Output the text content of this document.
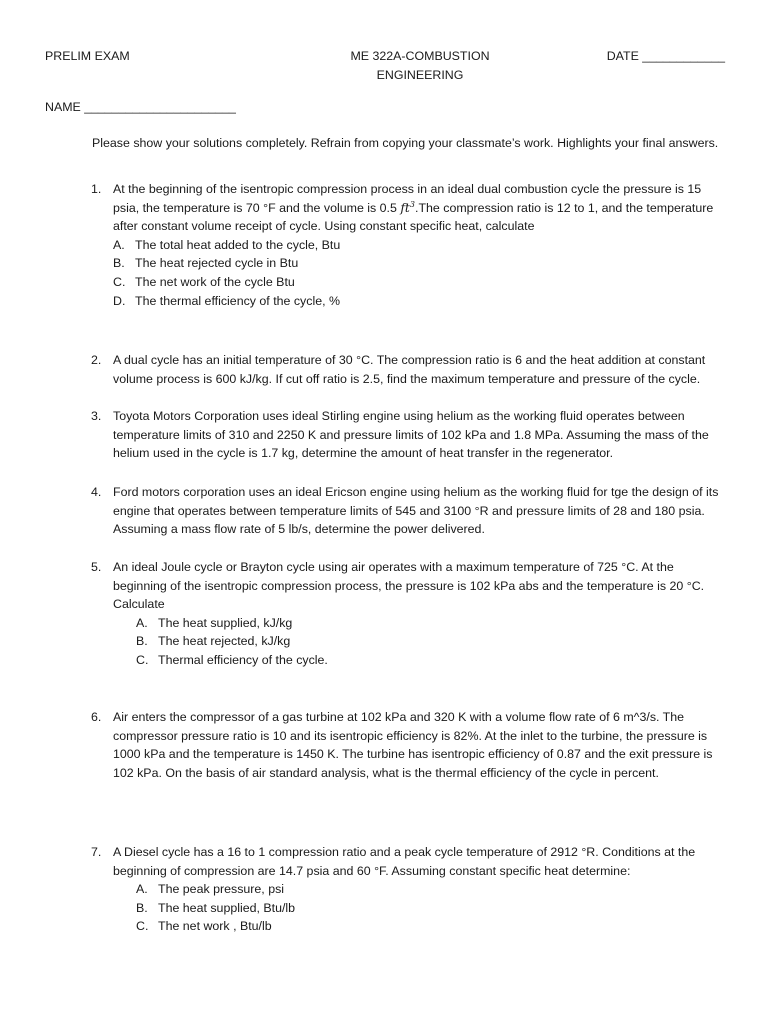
PRELIM EXAM	ME 322A-COMBUSTION
ENGINEERING
DATE ____________
NAME ______________________
Please show your solutions completely. Refrain from copying your classmate’s work. Highlights your final answers.
1. At the beginning of the isentropic compression process in an ideal dual combustion cycle the pressure is 15 psia, the temperature is 70 °F and the volume is 0.5 $ft^3.The$ compression ratio is 12 to 1, and the temperature after constant volume receipt of cycle. Using constant specific heat, calculate
A. The total heat added to the cycle, Btu
B. The heat rejected cycle in Btu
C. The net work of the cycle Btu
D. The thermal efficiency of the cycle, %
2. A dual cycle has an initial temperature of 30 °C. The compression ratio is 6 and the heat addition at constant volume process is 600 kJ/kg. If cut off ratio is 2.5, find the maximum temperature and pressure of the cycle.
3. Toyota Motors Corporation uses ideal Stirling engine using helium as the working fluid operates between temperature limits of 310 and 2250 K and pressure limits of 102 kPa and 1.8 MPa. Assuming the mass of the helium used in the cycle is 1.7 kg, determine the amount of heat transfer in the regenerator.
4. Ford motors corporation uses an ideal Ericson engine using helium as the working fluid for tge the design of its engine that operates between temperature limits of 545 and 3100 °R and pressure limits of 28 and 180 psia. Assuming a mass flow rate of 5 lb/s, determine the power delivered.
5. An ideal Joule cycle or Brayton cycle using air operates with a maximum temperature of 725 °C. At the beginning of the isentropic compression process, the pressure is 102 kPa abs and the temperature is 20 °C. Calculate
A. The heat supplied, kJ/kg
B. The heat rejected, kJ/kg
C. Thermal efficiency of the cycle.
6. Air enters the compressor of a gas turbine at 102 kPa and 320 K with a volume flow rate of 6 m^3/s. The compressor pressure ratio is 10 and its isentropic efficiency is 82%. At the inlet to the turbine, the pressure is 1000 kPa and the temperature is 1450 K. The turbine has isentropic efficiency of 0.87 and the exit pressure is 102 kPa. On the basis of air standard analysis, what is the thermal efficiency of the cycle in percent.
7. A Diesel cycle has a 16 to 1 compression ratio and a peak cycle temperature of 2912 °R. Conditions at the beginning of compression are 14.7 psia and 60 °F. Assuming constant specific heat determine:
A. The peak pressure, psi
B. The heat supplied, Btu/lb
C. The net work , Btu/lb
